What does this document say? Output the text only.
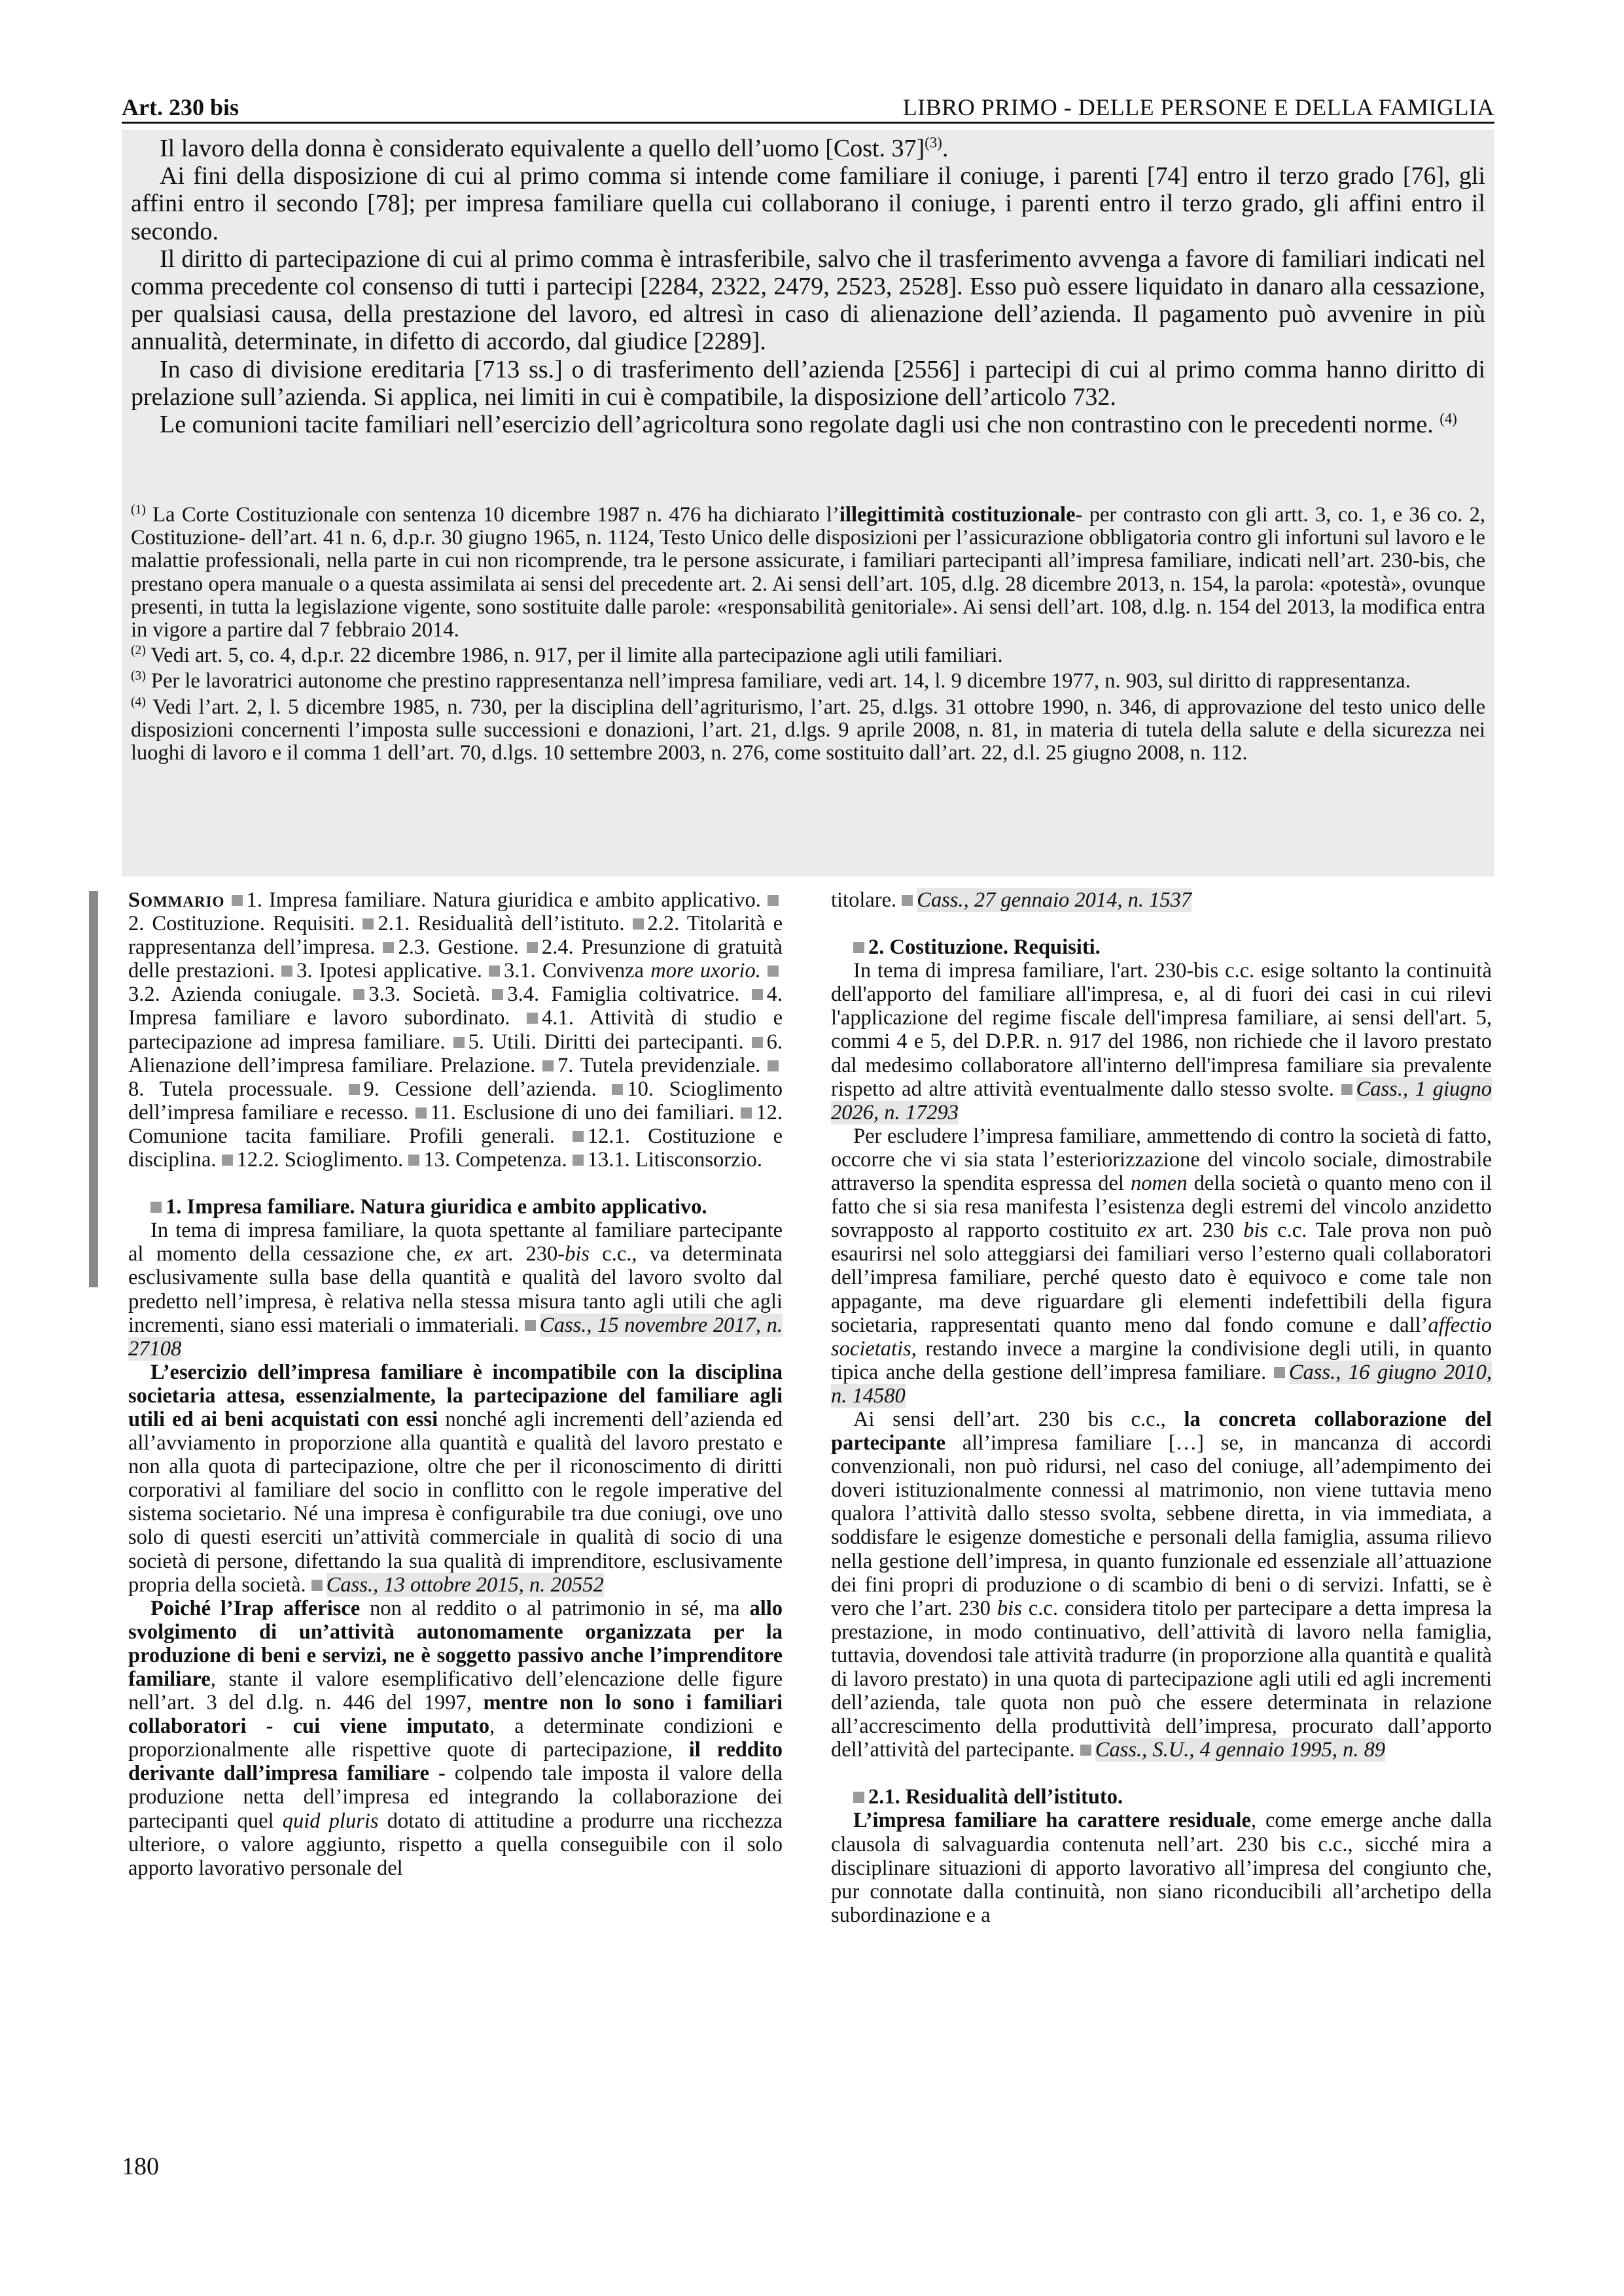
Art. 230 bis	LIBRO PRIMO - DELLE PERSONE E DELLA FAMIGLIA

Il lavoro della donna è considerato equivalente a quello dell’uomo [Cost. 37]$^{(3)}$.

Ai fini della disposizione di cui al primo comma si intende come familiare il coniuge, i parenti [74] entro il terzo grado [76], gli affini entro il secondo [78]; per impresa familiare quella cui collaborano il coniuge, i parenti entro il terzo grado, gli affini entro il secondo.

Il diritto di partecipazione di cui al primo comma è intrasferibile, salvo che il trasferimento avvenga a favore di familiari indicati nel comma precedente col consenso di tutti i partecipi [2284, 2322, 2479, 2523, 2528]. Esso può essere liquidato in danaro alla cessazione, per qualsiasi causa, della prestazione del lavoro, ed altresì in caso di alienazione dell’azienda. Il pagamento può avvenire in più annualità, determinate, in difetto di accordo, dal giudice [2289].

In caso di divisione ereditaria [713 ss.] o di trasferimento dell’azienda [2556] i partecipi di cui al primo comma hanno diritto di prelazione sull’azienda. Si applica, nei limiti in cui è compatibile, la disposizione dell’articolo 732.

Le comunioni tacite familiari nell’esercizio dell’agricoltura sono regolate dagli usi che non contrastino con le precedenti norme. $^{(4)}$

$^{(1)}$ La Corte Costituzionale con sentenza 10 dicembre 1987 n. 476 ha dichiarato l’illegittimità costituzionale- per contrasto con gli artt. 3, co. 1, e 36 co. 2, Costituzione- dell’art. 41 n. 6, d.p.r. 30 giugno 1965, n. 1124, Testo Unico delle disposizioni per l’assicurazione obbligatoria contro gli infortuni sul lavoro e le malattie professionali, nella parte in cui non ricomprende, tra le persone assicurate, i familiari partecipanti all’impresa familiare, indicati nell’art. 230-bis, che prestano opera manuale o a questa assimilata ai sensi del precedente art. 2. Ai sensi dell’art. 105, d.lg. 28 dicembre 2013, n. 154, la parola: «potestà», ovunque presenti, in tutta la legislazione vigente, sono sostituite dalle parole: «responsabilità genitoriale». Ai sensi dell’art. 108, d.lg. n. 154 del 2013, la modifica entra in vigore a partire dal 7 febbraio 2014.

$^{(2)}$ Vedi art. 5, co. 4, d.p.r. 22 dicembre 1986, n. 917, per il limite alla partecipazione agli utili familiari.

$^{(3)}$ Per le lavoratrici autonome che prestino rappresentanza nell’impresa familiare, vedi art. 14, l. 9 dicembre 1977, n. 903, sul diritto di rappresentanza.

$^{(4)}$ Vedi l’art. 2, l. 5 dicembre 1985, n. 730, per la disciplina dell’agriturismo, l’art. 25, d.lgs. 31 ottobre 1990, n. 346, di approvazione del testo unico delle disposizioni concernenti l’imposta sulle successioni e donazioni, l’art. 21, d.lgs. 9 aprile 2008, n. 81, in materia di tutela della salute e della sicurezza nei luoghi di lavoro e il comma 1 dell’art. 70, d.lgs. 10 settembre 2003, n. 276, come sostituito dall’art. 22, d.l. 25 giugno 2008, n. 112.

Sommario 1. Impresa familiare. Natura giuridica e ambito applicativo. 2. Costituzione. Requisiti. 2.1. Residualità dell’istituto. 2.2. Titolarità e rappresentanza dell’impresa. 2.3. Gestione. 2.4. Presunzione di gratuità delle prestazioni. 3. Ipotesi applicative. 3.1. Convivenza more uxorio. 3.2. Azienda coniugale. 3.3. Società. 3.4. Famiglia coltivatrice. 4. Impresa familiare e lavoro subordinato. 4.1. Attività di studio e partecipazione ad impresa familiare. 5. Utili. Diritti dei partecipanti. 6. Alienazione dell’impresa familiare. Prelazione. 7. Tutela previdenziale. 8. Tutela processuale. 9. Cessione dell’azienda. 10. Scioglimento dell’impresa familiare e recesso. 11. Esclusione di uno dei familiari. 12. Comunione tacita familiare. Profili generali. 12.1. Costituzione e disciplina. 12.2. Scioglimento. 13. Competenza. 13.1. Litisconsorzio.

1. Impresa familiare. Natura giuridica e ambito applicativo.

In tema di impresa familiare, la quota spettante al familiare partecipante al momento della cessazione che, ex art. 230-bis c.c., va determinata esclusivamente sulla base della quantità e qualità del lavoro svolto dal predetto nell’impresa, è relativa nella stessa misura tanto agli utili che agli incrementi, siano essi materiali o immateriali. Cass., 15 novembre 2017, n. 27108

L’esercizio dell’impresa familiare è incompatibile con la disciplina societaria attesa, essenzialmente, la partecipazione del familiare agli utili ed ai beni acquistati con essi nonché agli incrementi dell’azienda ed all’avviamento in proporzione alla quantità e qualità del lavoro prestato e non alla quota di partecipazione, oltre che per il riconoscimento di diritti corporativi al familiare del socio in conflitto con le regole imperative del sistema societario. Né una impresa è configurabile tra due coniugi, ove uno solo di questi eserciti un’attività commerciale in qualità di socio di una società di persone, difettando la sua qualità di imprenditore, esclusivamente propria della società. Cass., 13 ottobre 2015, n. 20552

Poiché l’Irap afferisce non al reddito o al patrimonio in sé, ma allo svolgimento di un’attività autonomamente organizzata per la produzione di beni e servizi, ne è soggetto passivo anche l’imprenditore familiare, stante il valore esemplificativo dell’elencazione delle figure nell’art. 3 del d.lg. n. 446 del 1997, mentre non lo sono i familiari collaboratori - cui viene imputato, a determinate condizioni e proporzionalmente alle rispettive quote di partecipazione, il reddito derivante dall’impresa familiare - colpendo tale imposta il valore della produzione netta dell’impresa ed integrando la collaborazione dei partecipanti quel quid pluris dotato di attitudine a produrre una ricchezza ulteriore, o valore aggiunto, rispetto a quella conseguibile con il solo apporto lavorativo personale del

titolare. Cass., 27 gennaio 2014, n. 1537

2. Costituzione. Requisiti.

In tema di impresa familiare, l'art. 230-bis c.c. esige soltanto la continuità dell'apporto del familiare all'impresa, e, al di fuori dei casi in cui rilevi l'applicazione del regime fiscale dell'impresa familiare, ai sensi dell'art. 5, commi 4 e 5, del D.P.R. n. 917 del 1986, non richiede che il lavoro prestato dal medesimo collaboratore all'interno dell'impresa familiare sia prevalente rispetto ad altre attività eventualmente dallo stesso svolte. Cass., 1 giugno 2026, n. 17293

Per escludere l’impresa familiare, ammettendo di contro la società di fatto, occorre che vi sia stata l’esteriorizzazione del vincolo sociale, dimostrabile attraverso la spendita espressa del nomen della società o quanto meno con il fatto che si sia resa manifesta l’esistenza degli estremi del vincolo anzidetto sovrapposto al rapporto costituito ex art. 230 bis c.c. Tale prova non può esaurirsi nel solo atteggiarsi dei familiari verso l’esterno quali collaboratori dell’impresa familiare, perché questo dato è equivoco e come tale non appagante, ma deve riguardare gli elementi indefettibili della figura societaria, rappresentati quanto meno dal fondo comune e dall’affectio societatis, restando invece a margine la condivisione degli utili, in quanto tipica anche della gestione dell’impresa familiare. Cass., 16 giugno 2010, n. 14580

Ai sensi dell’art. 230 bis c.c., la concreta collaborazione del partecipante all’impresa familiare […] se, in mancanza di accordi convenzionali, non può ridursi, nel caso del coniuge, all’adempimento dei doveri istituzionalmente connessi al matrimonio, non viene tuttavia meno qualora l’attività dallo stesso svolta, sebbene diretta, in via immediata, a soddisfare le esigenze domestiche e personali della famiglia, assuma rilievo nella gestione dell’impresa, in quanto funzionale ed essenziale all’attuazione dei fini propri di produzione o di scambio di beni o di servizi. Infatti, se è vero che l’art. 230 bis c.c. considera titolo per partecipare a detta impresa la prestazione, in modo continuativo, dell’attività di lavoro nella famiglia, tuttavia, dovendosi tale attività tradurre (in proporzione alla quantità e qualità di lavoro prestato) in una quota di partecipazione agli utili ed agli incrementi dell’azienda, tale quota non può che essere determinata in relazione all’accrescimento della produttività dell’impresa, procurato dall’apporto dell’attività del partecipante. Cass., S.U., 4 gennaio 1995, n. 89

2.1. Residualità dell’istituto.

L’impresa familiare ha carattere residuale, come emerge anche dalla clausola di salvaguardia contenuta nell’art. 230 bis c.c., sicché mira a disciplinare situazioni di apporto lavorativo all’impresa del congiunto che, pur connotate dalla continuità, non siano riconducibili all’archetipo della subordinazione e a

180
